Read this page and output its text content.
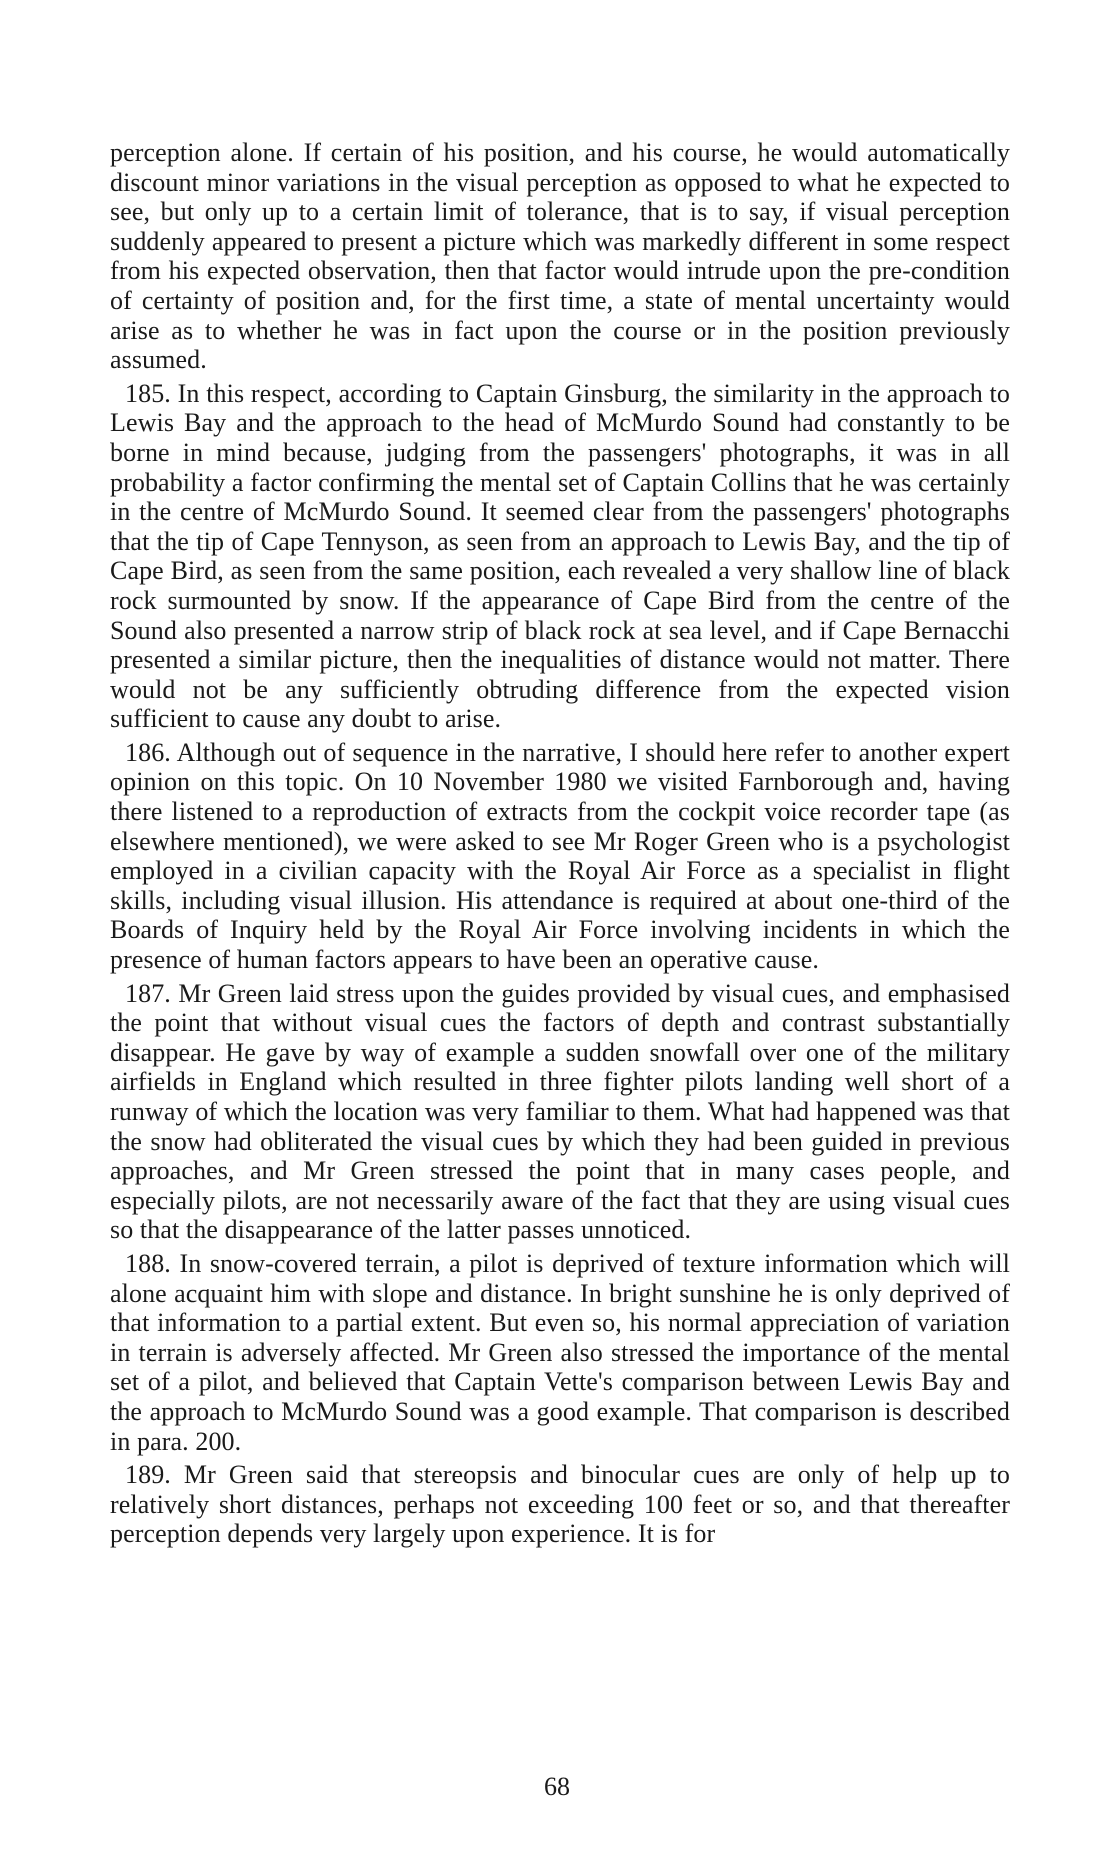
perception alone. If certain of his position, and his course, he would automatically discount minor variations in the visual perception as opposed to what he expected to see, but only up to a certain limit of tolerance, that is to say, if visual perception suddenly appeared to present a picture which was markedly different in some respect from his expected observation, then that factor would intrude upon the pre-condition of certainty of position and, for the first time, a state of mental uncertainty would arise as to whether he was in fact upon the course or in the position previously assumed.

185. In this respect, according to Captain Ginsburg, the similarity in the approach to Lewis Bay and the approach to the head of McMurdo Sound had constantly to be borne in mind because, judging from the passengers' photographs, it was in all probability a factor confirming the mental set of Captain Collins that he was certainly in the centre of McMurdo Sound. It seemed clear from the passengers' photographs that the tip of Cape Tennyson, as seen from an approach to Lewis Bay, and the tip of Cape Bird, as seen from the same position, each revealed a very shallow line of black rock surmounted by snow. If the appearance of Cape Bird from the centre of the Sound also presented a narrow strip of black rock at sea level, and if Cape Bernacchi presented a similar picture, then the inequalities of distance would not matter. There would not be any sufficiently obtruding difference from the expected vision sufficient to cause any doubt to arise.

186. Although out of sequence in the narrative, I should here refer to another expert opinion on this topic. On 10 November 1980 we visited Farnborough and, having there listened to a reproduction of extracts from the cockpit voice recorder tape (as elsewhere mentioned), we were asked to see Mr Roger Green who is a psychologist employed in a civilian capacity with the Royal Air Force as a specialist in flight skills, including visual illusion. His attendance is required at about one-third of the Boards of Inquiry held by the Royal Air Force involving incidents in which the presence of human factors appears to have been an operative cause.

187. Mr Green laid stress upon the guides provided by visual cues, and emphasised the point that without visual cues the factors of depth and contrast substantially disappear. He gave by way of example a sudden snowfall over one of the military airfields in England which resulted in three fighter pilots landing well short of a runway of which the location was very familiar to them. What had happened was that the snow had obliterated the visual cues by which they had been guided in previous approaches, and Mr Green stressed the point that in many cases people, and especially pilots, are not necessarily aware of the fact that they are using visual cues so that the disappearance of the latter passes unnoticed.

188. In snow-covered terrain, a pilot is deprived of texture information which will alone acquaint him with slope and distance. In bright sunshine he is only deprived of that information to a partial extent. But even so, his normal appreciation of variation in terrain is adversely affected. Mr Green also stressed the importance of the mental set of a pilot, and believed that Captain Vette's comparison between Lewis Bay and the approach to McMurdo Sound was a good example. That comparison is described in para. 200.

189. Mr Green said that stereopsis and binocular cues are only of help up to relatively short distances, perhaps not exceeding 100 feet or so, and that thereafter perception depends very largely upon experience. It is for

68
